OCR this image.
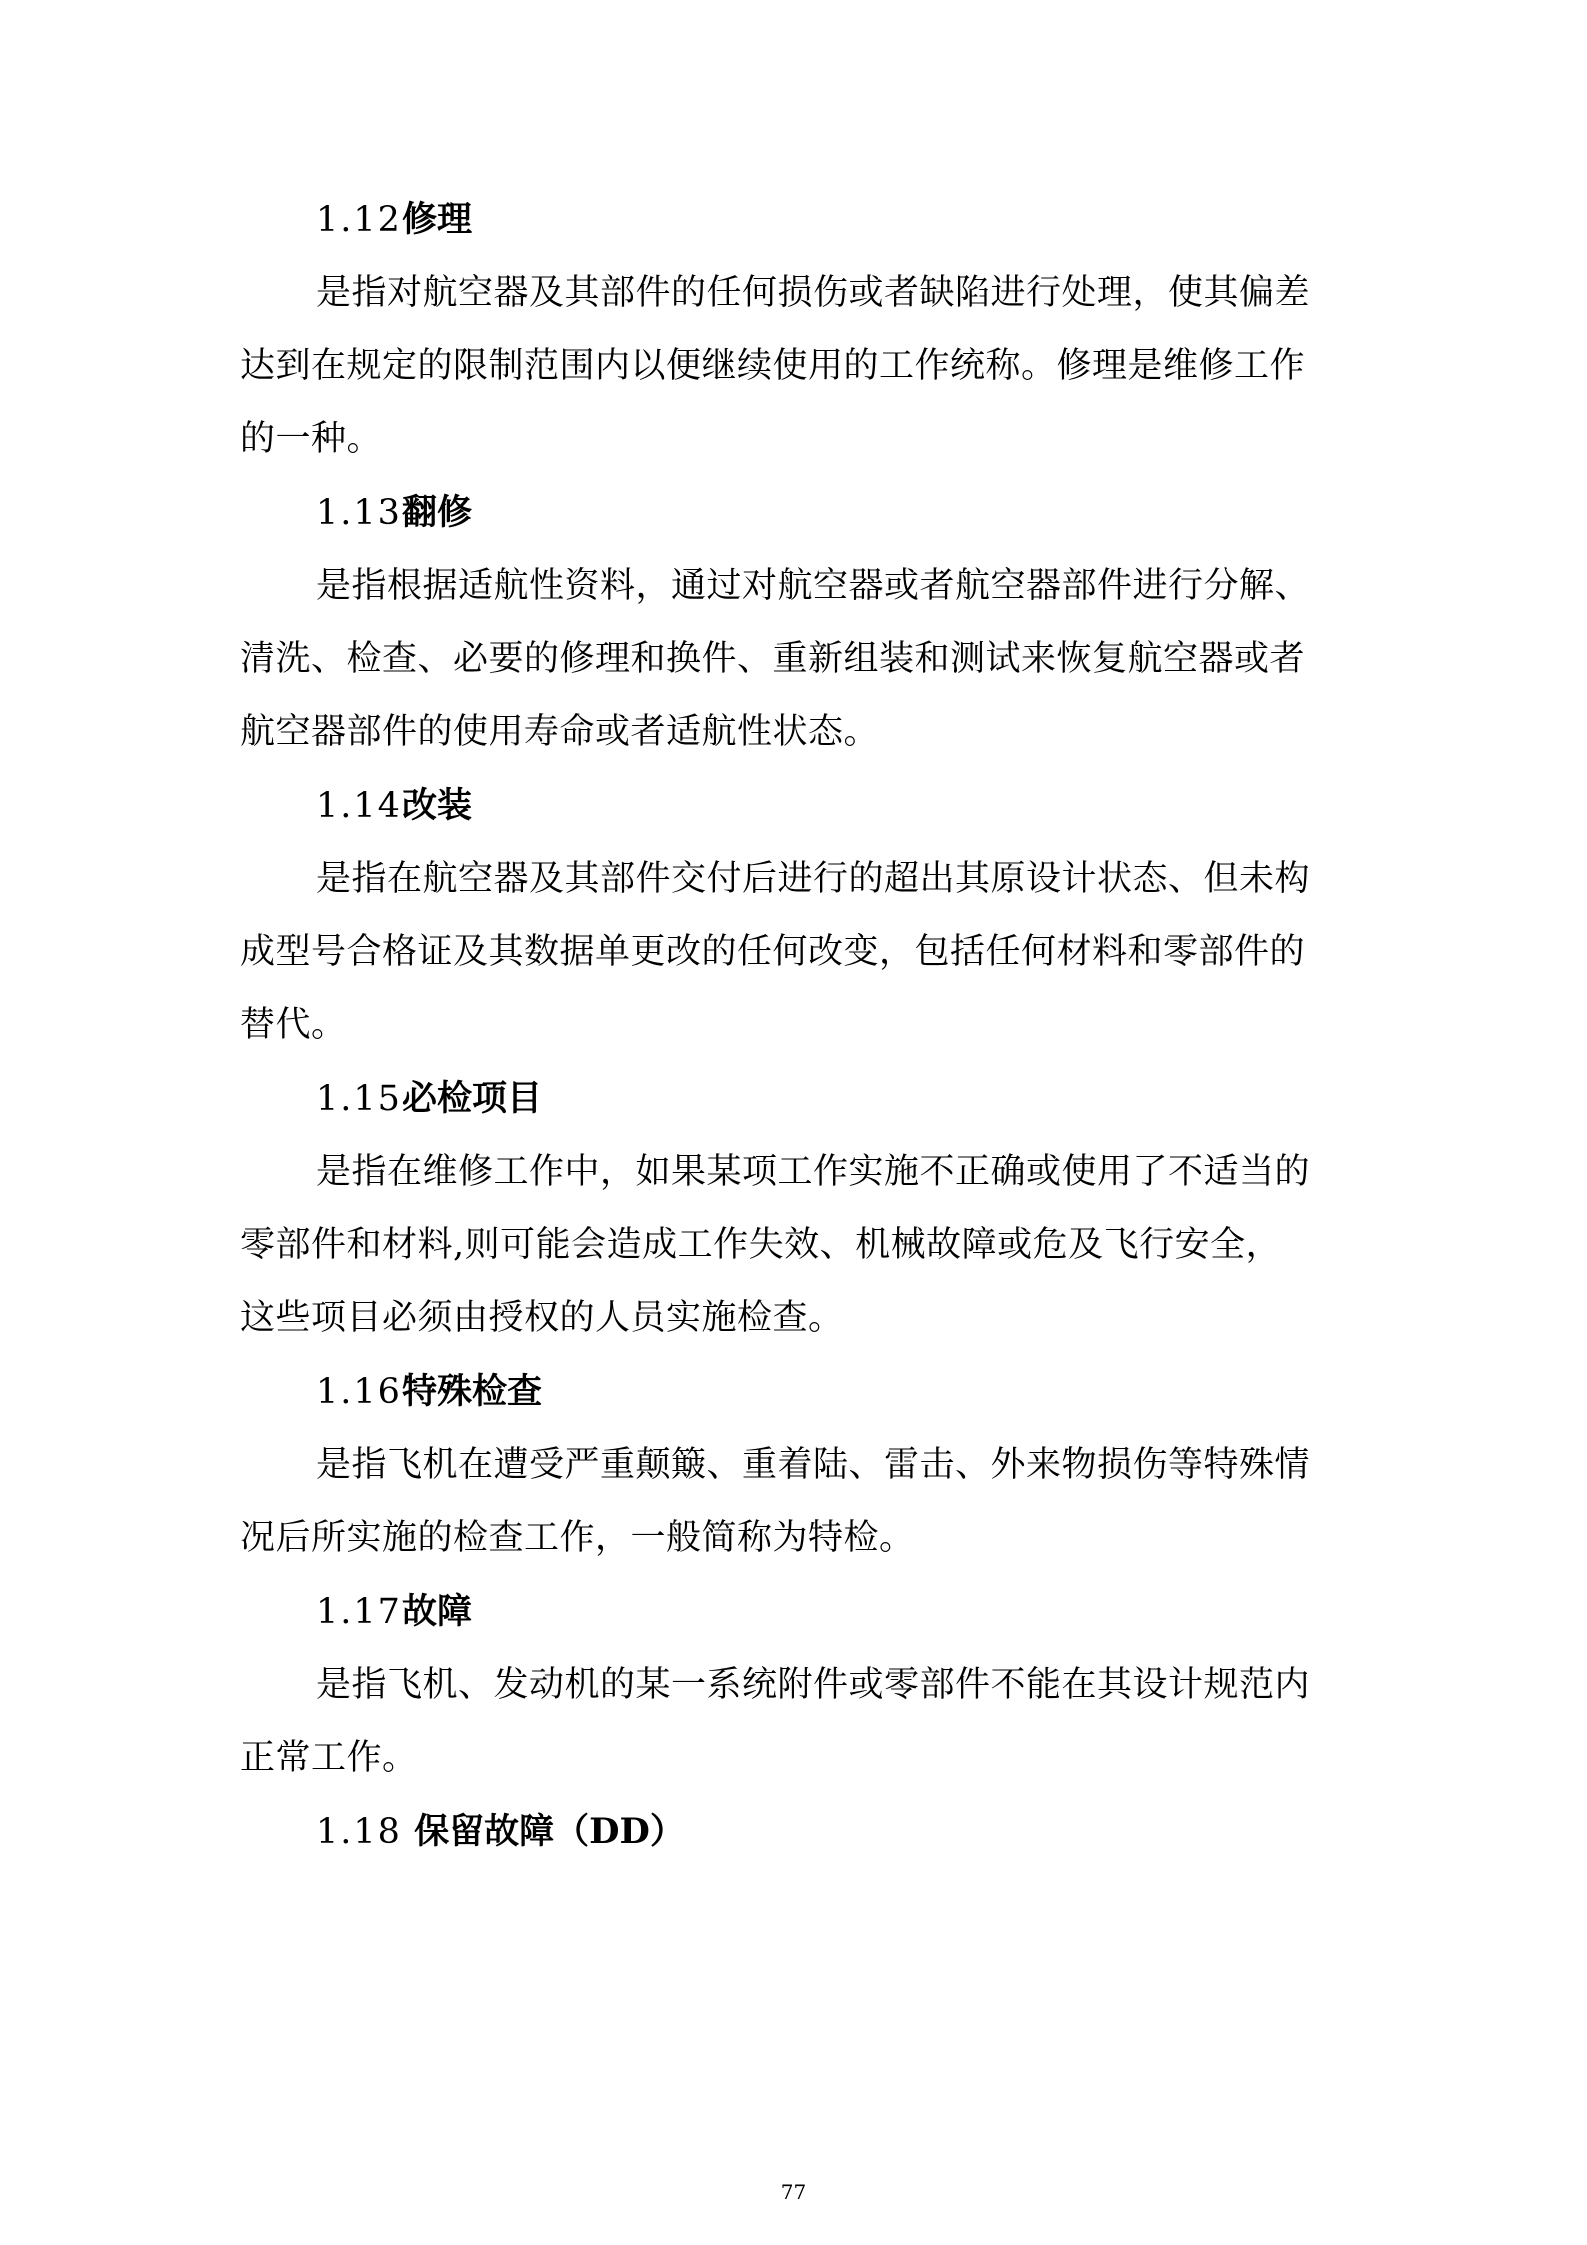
1.12修理

是指对航空器及其部件的任何损伤或者缺陷进行处理，使其偏差
达到在规定的限制范围内以便继续使用的工作统称。修理是维修工作
的一种。

1.13翻修

是指根据适航性资料，通过对航空器或者航空器部件进行分解、
清洗、检查、必要的修理和换件、重新组装和测试来恢复航空器或者
航空器部件的使用寿命或者适航性状态。

1.14改装

是指在航空器及其部件交付后进行的超出其原设计状态、但未构
成型号合格证及其数据单更改的任何改变，包括任何材料和零部件的
替代。

1.15必检项目

是指在维修工作中，如果某项工作实施不正确或使用了不适当的
零部件和材料,则可能会造成工作失效、机械故障或危及飞行安全，
这些项目必须由授权的人员实施检查。

1.16特殊检查

是指飞机在遭受严重颠簸、重着陆、雷击、外来物损伤等特殊情
况后所实施的检查工作，一般简称为特检。

1.17故障

是指飞机、发动机的某一系统附件或零部件不能在其设计规范内
正常工作。

1.18 保留故障（DD）
77
